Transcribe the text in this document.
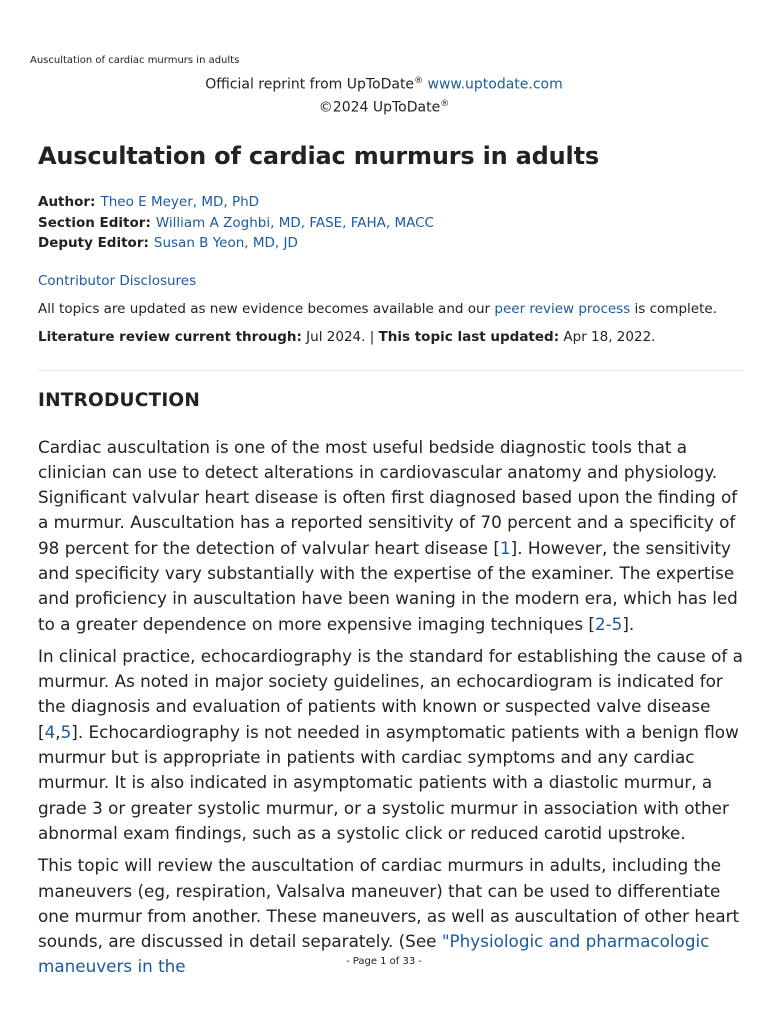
Auscultation of cardiac murmurs in adults
Official reprint from UpToDate® www.uptodate.com
©2024 UpToDate®
Auscultation of cardiac murmurs in adults
Author: Theo E Meyer, MD, PhD
Section Editor: William A Zoghbi, MD, FASE, FAHA, MACC
Deputy Editor: Susan B Yeon, MD, JD
Contributor Disclosures
All topics are updated as new evidence becomes available and our peer review process is complete.
Literature review current through: Jul 2024. | This topic last updated: Apr 18, 2022.
INTRODUCTION

Cardiac auscultation is one of the most useful bedside diagnostic tools that a clinician can use to detect alterations in cardiovascular anatomy and physiology. Significant valvular heart disease is often first diagnosed based upon the finding of a murmur. Auscultation has a reported sensitivity of 70 percent and a specificity of 98 percent for the detection of valvular heart disease [1]. However, the sensitivity and specificity vary substantially with the expertise of the examiner. The expertise and proficiency in auscultation have been waning in the modern era, which has led to a greater dependence on more expensive imaging techniques [2-5].

In clinical practice, echocardiography is the standard for establishing the cause of a murmur. As noted in major society guidelines, an echocardiogram is indicated for the diagnosis and evaluation of patients with known or suspected valve disease [4,5]. Echocardiography is not needed in asymptomatic patients with a benign flow murmur but is appropriate in patients with cardiac symptoms and any cardiac murmur. It is also indicated in asymptomatic patients with a diastolic murmur, a grade 3 or greater systolic murmur, or a systolic murmur in association with other abnormal exam findings, such as a systolic click or reduced carotid upstroke.

This topic will review the auscultation of cardiac murmurs in adults, including the maneuvers (eg, respiration, Valsalva maneuver) that can be used to differentiate one murmur from another. These maneuvers, as well as auscultation of other heart sounds, are discussed in detail separately. (See "Physiologic and pharmacologic maneuvers in the	- Page 1 of 33 -
